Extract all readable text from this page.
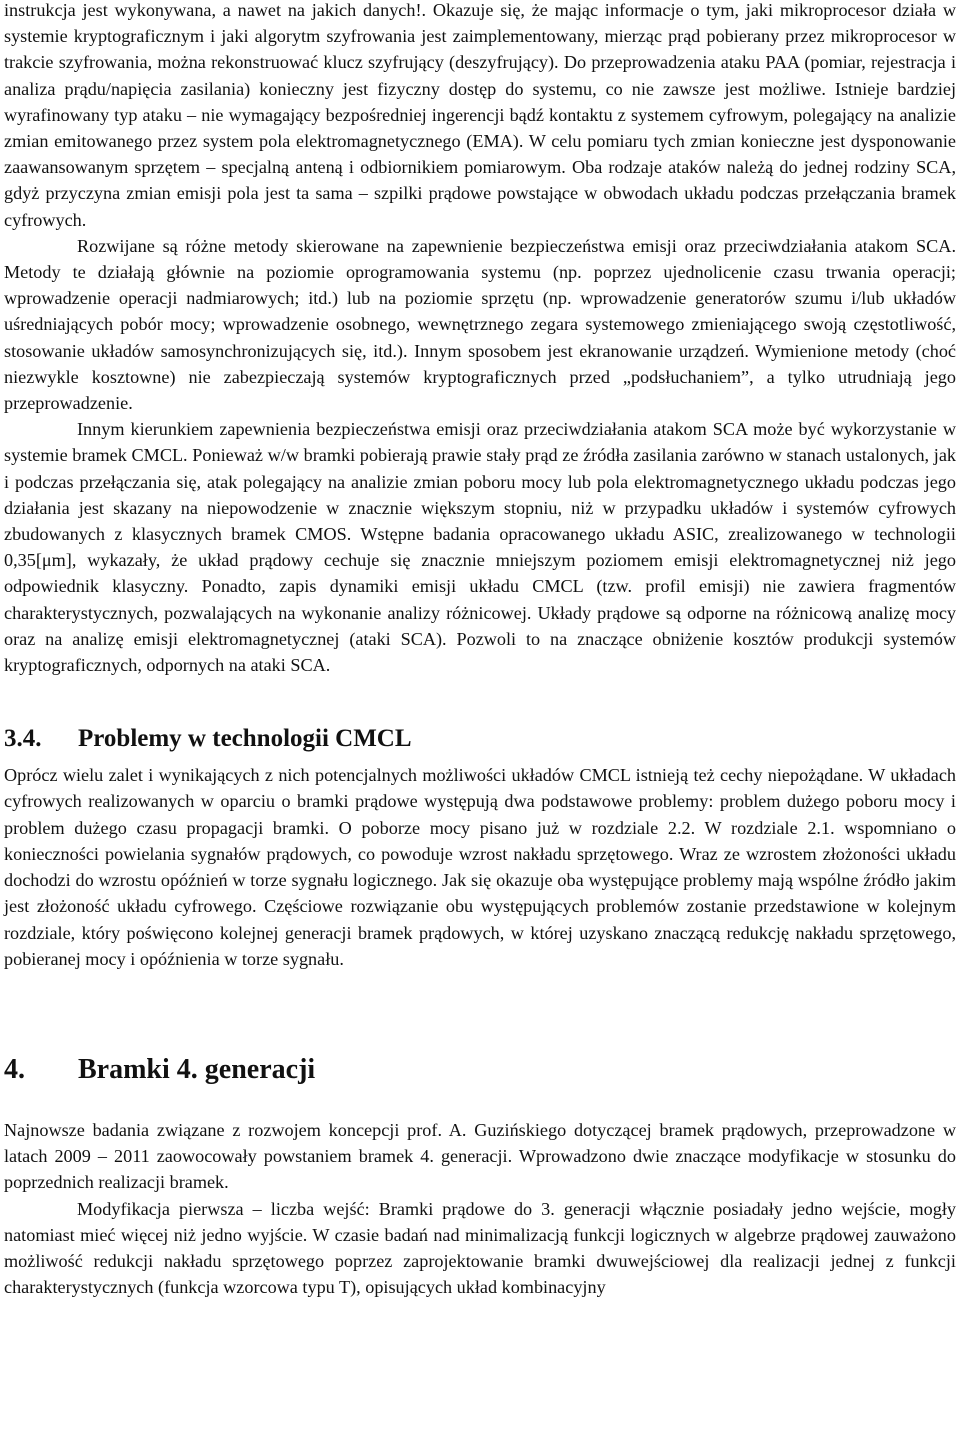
instrukcja jest wykonywana, a nawet na jakich danych!. Okazuje się, że mając informacje o tym, jaki mikroprocesor działa w systemie kryptograficznym i jaki algorytm szyfrowania jest zaimplementowany, mierząc prąd pobierany przez mikroprocesor w trakcie szyfrowania, można rekonstruować klucz szyfrujący (deszyfrujący). Do przeprowadzenia ataku PAA (pomiar, rejestracja i analiza prądu/napięcia zasilania) konieczny jest fizyczny dostęp do systemu, co nie zawsze jest możliwe. Istnieje bardziej wyrafinowany typ ataku – nie wymagający bezpośredniej ingerencji bądź kontaktu z systemem cyfrowym, polegający na analizie zmian emitowanego przez system pola elektromagnetycznego (EMA). W celu pomiaru tych zmian konieczne jest dysponowanie zaawansowanym sprzętem – specjalną anteną i odbiornikiem pomiarowym. Oba rodzaje ataków należą do jednej rodziny SCA, gdyż przyczyna zmian emisji pola jest ta sama – szpilki prądowe powstające w obwodach układu podczas przełączania bramek cyfrowych.

Rozwijane są różne metody skierowane na zapewnienie bezpieczeństwa emisji oraz przeciwdziałania atakom SCA. Metody te działają głównie na poziomie oprogramowania systemu (np. poprzez ujednolicenie czasu trwania operacji; wprowadzenie operacji nadmiarowych; itd.) lub na poziomie sprzętu (np. wprowadzenie generatorów szumu i/lub układów uśredniających pobór mocy; wprowadzenie osobnego, wewnętrznego zegara systemowego zmieniającego swoją częstotliwość, stosowanie układów samosynchronizujących się, itd.). Innym sposobem jest ekranowanie urządzeń. Wymienione metody (choć niezwykle kosztowne) nie zabezpieczają systemów kryptograficznych przed „podsłuchaniem”, a tylko utrudniają jego przeprowadzenie.

Innym kierunkiem zapewnienia bezpieczeństwa emisji oraz przeciwdziałania atakom SCA może być wykorzystanie w systemie bramek CMCL. Ponieważ w/w bramki pobierają prawie stały prąd ze źródła zasilania zarówno w stanach ustalonych, jak i podczas przełączania się, atak polegający na analizie zmian poboru mocy lub pola elektromagnetycznego układu podczas jego działania jest skazany na niepowodzenie w znacznie większym stopniu, niż w przypadku układów i systemów cyfrowych zbudowanych z klasycznych bramek CMOS. Wstępne badania opracowanego układu ASIC, zrealizowanego w technologii 0,35[μm], wykazały, że układ prądowy cechuje się znacznie mniejszym poziomem emisji elektromagnetycznej niż jego odpowiednik klasyczny. Ponadto, zapis dynamiki emisji układu CMCL (tzw. profil emisji) nie zawiera fragmentów charakterystycznych, pozwalających na wykonanie analizy różnicowej. Układy prądowe są odporne na różnicową analizę mocy oraz na analizę emisji elektromagnetycznej (ataki SCA). Pozwoli to na znaczące obniżenie kosztów produkcji systemów kryptograficznych, odpornych na ataki SCA.

3.4.	Problemy w technologii CMCL

Oprócz wielu zalet i wynikających z nich potencjalnych możliwości układów CMCL istnieją też cechy niepożądane. W układach cyfrowych realizowanych w oparciu o bramki prądowe występują dwa podstawowe problemy: problem dużego poboru mocy i problem dużego czasu propagacji bramki. O poborze mocy pisano już w rozdziale 2.2. W rozdziale 2.1. wspomniano o konieczności powielania sygnałów prądowych, co powoduje wzrost nakładu sprzętowego. Wraz ze wzrostem złożoności układu dochodzi do wzrostu opóźnień w torze sygnału logicznego. Jak się okazuje oba występujące problemy mają wspólne źródło jakim jest złożoność układu cyfrowego. Częściowe rozwiązanie obu występujących problemów zostanie przedstawione w kolejnym rozdziale, który poświęcono kolejnej generacji bramek prądowych, w której uzyskano znaczącą redukcję nakładu sprzętowego, pobieranej mocy i opóźnienia w torze sygnału.

4.	Bramki 4. generacji

Najnowsze badania związane z rozwojem koncepcji prof. A. Guzińskiego dotyczącej bramek prądowych, przeprowadzone w latach 2009 – 2011 zaowocowały powstaniem bramek 4. generacji. Wprowadzono dwie znaczące modyfikacje w stosunku do poprzednich realizacji bramek.

Modyfikacja pierwsza – liczba wejść: Bramki prądowe do 3. generacji włącznie posiadały jedno wejście, mogły natomiast mieć więcej niż jedno wyjście. W czasie badań nad minimalizacją funkcji logicznych w algebrze prądowej zauważono możliwość redukcji nakładu sprzętowego poprzez zaprojektowanie bramki dwuwejściowej dla realizacji jednej z funkcji charakterystycznych (funkcja wzorcowa typu T), opisujących układ kombinacyjny
